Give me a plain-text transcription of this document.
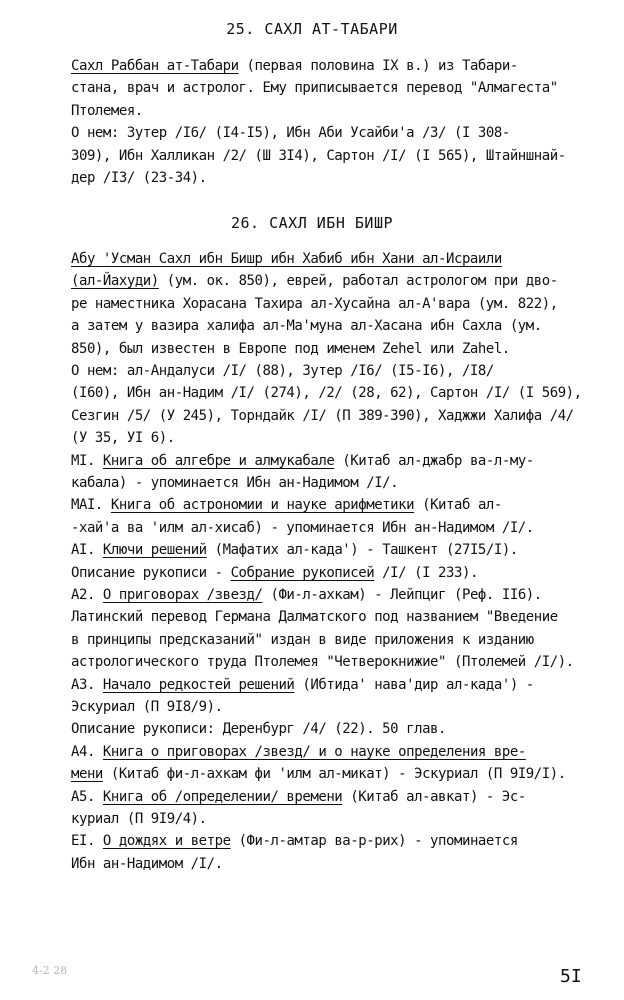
25. САХЛ АТ-ТАБАРИ
Сахл Раббан ат-Табари (первая половина IX в.) из Табари-
стана, врач и астролог. Ему приписывается перевод "Алмагеста"
Птолемея.
О нем: Зутер /I6/ (I4-I5), Ибн Аби Усайби'а /3/ (I 308-
309), Ибн Халликан /2/ (Ш 3I4), Сартон /I/ (I 565), Штайншнай-
дер /I3/ (23-34).
26. САХЛ ИБН БИШР
Абу 'Усман Сахл ибн Бишр ибн Хабиб ибн Хани ал-Исраили
(ал-Йахуди) (ум. ок. 850), еврей, работал астрологом при дво-
ре наместника Хорасана Тахира ал-Хусайна ал-А'вара (ум. 822),
а затем у вазира халифа ал-Ма'муна ал-Хасана ибн Сахла (ум.
850), был известен в Европе под именем Zehel или Zahel.
О нем: ал-Андалуси /I/ (88), Зутер /I6/ (I5-I6), /I8/
(I60), Ибн ан-Надим /I/ (274), /2/ (28, 62), Сартон /I/ (I 569),
Сезгин /5/ (У 245), Торндайк /I/ (П 389-390), Хаджжи Халифа /4/
(У 35, УI 6).
MI. Книга об алгебре и алмукабале (Китаб ал-джабр ва-л-му-
кабала) - упоминается Ибн ан-Надимом /I/.
MAI. Книга об астрономии и науке арифметики (Китаб ал-
-хай'а ва 'илм ал-хисаб) - упоминается Ибн ан-Надимом /I/.
AI. Ключи решений (Мафатих ал-када') - Ташкент (27I5/I).
Описание рукописи - Собрание рукописей /I/ (I 233).
A2. О приговорах /звезд/ (Фи-л-ахкам) - Лейпциг (Реф. II6).
Латинский перевод Германа Далматского под названием "Введение
в принципы предсказаний" издан в виде приложения к изданию
астрологического труда Птолемея "Четверокнижие" (Птолемей /I/).
A3. Начало редкостей решений (Ибтида' нава'дир ал-када') -
Эскуриал (П 9I8/9).
Описание рукописи: Деренбург /4/ (22). 50 глав.
A4. Книга о приговорах /звезд/ и о науке определения вре-
мени (Китаб фи-л-ахкам фи 'илм ал-микат) - Эскуриал (П 9I9/I).
A5. Книга об /определении/ времени (Китаб ал-авкат) - Эс-
куриал (П 9I9/4).
EI. О дождях и ветре (Фи-л-амтар ва-р-рих) - упоминается
Ибн ан-Надимом /I/.
4-2 28	5I
